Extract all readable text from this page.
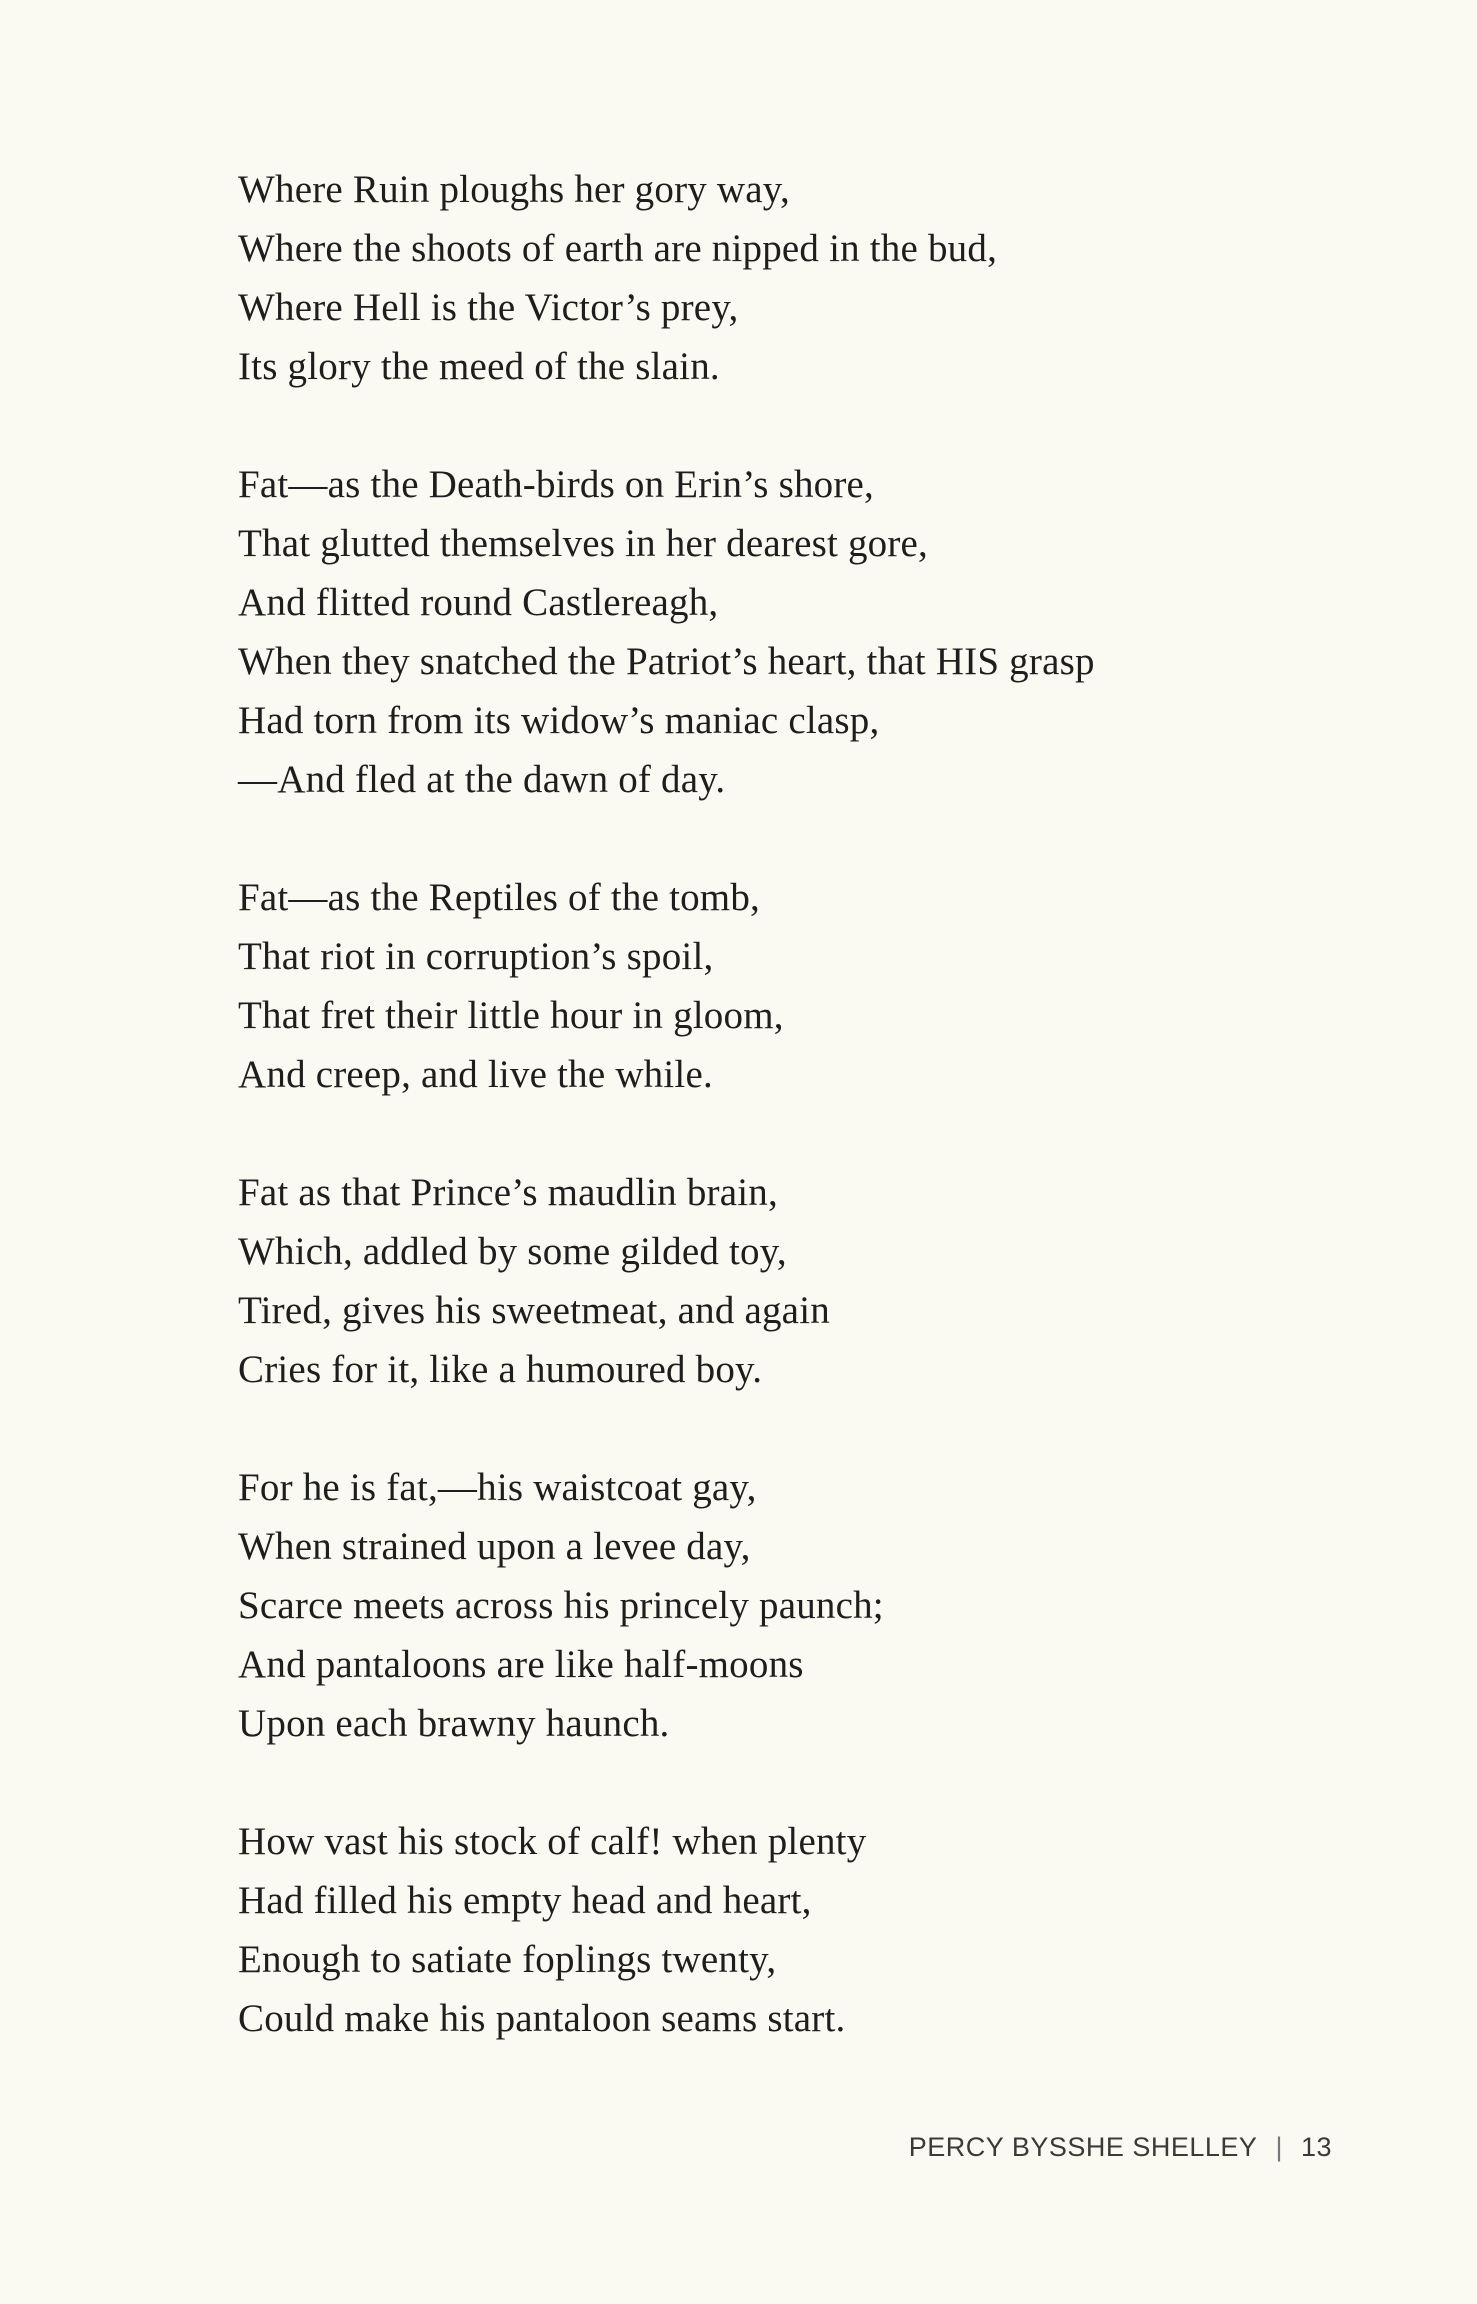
Where Ruin ploughs her gory way,
Where the shoots of earth are nipped in the bud,
Where Hell is the Victor’s prey,
Its glory the meed of the slain.
Fat—as the Death-birds on Erin’s shore,
That glutted themselves in her dearest gore,
And flitted round Castlereagh,
When they snatched the Patriot’s heart, that HIS grasp
Had torn from its widow’s maniac clasp,
—And fled at the dawn of day.
Fat—as the Reptiles of the tomb,
That riot in corruption’s spoil,
That fret their little hour in gloom,
And creep, and live the while.
Fat as that Prince’s maudlin brain,
Which, addled by some gilded toy,
Tired, gives his sweetmeat, and again
Cries for it, like a humoured boy.
For he is fat,—his waistcoat gay,
When strained upon a levee day,
Scarce meets across his princely paunch;
And pantaloons are like half-moons
Upon each brawny haunch.
How vast his stock of calf! when plenty
Had filled his empty head and heart,
Enough to satiate foplings twenty,
Could make his pantaloon seams start.
PERCY BYSSHE SHELLEY | 13
